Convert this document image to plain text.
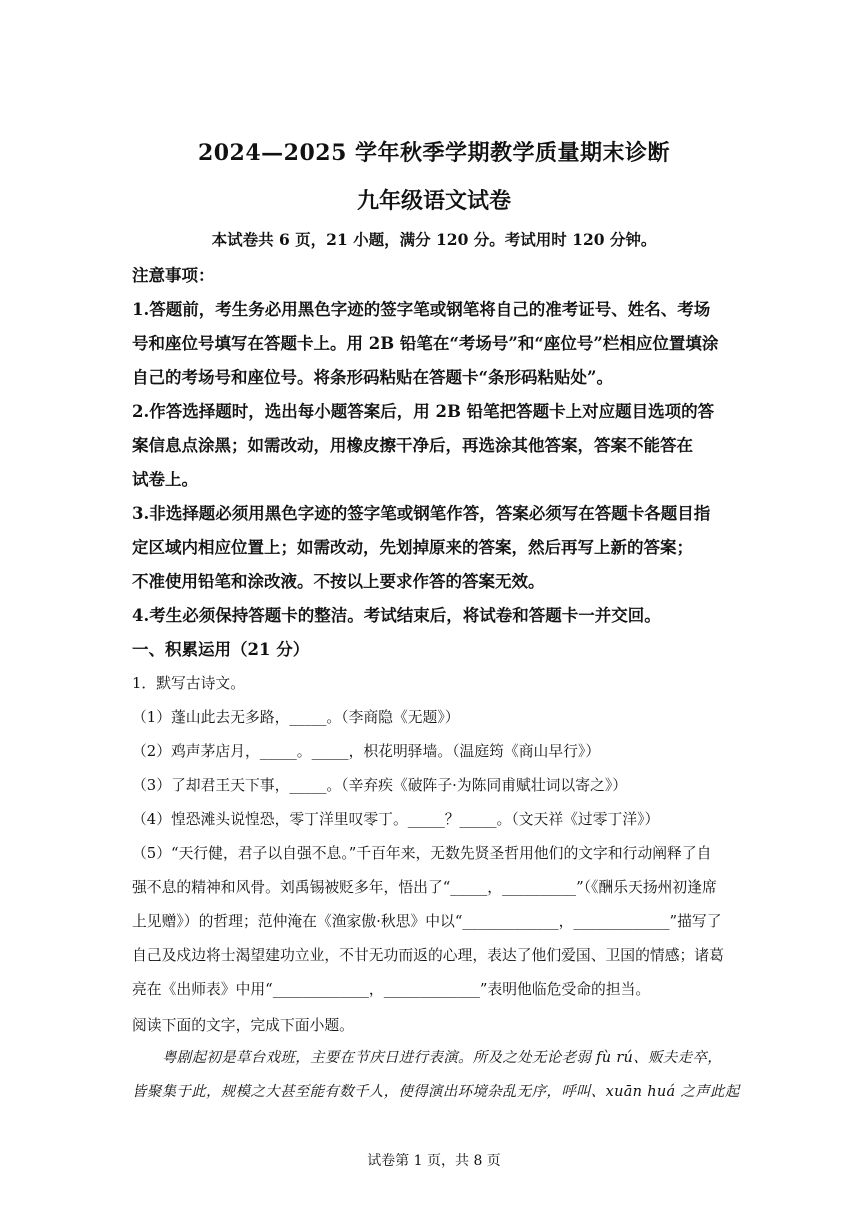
2024—2025 学年秋季学期教学质量期末诊断
九年级语文试卷
本试卷共 6 页，21 小题，满分 120 分。考试用时 120 分钟。
注意事项：
1.答题前，考生务必用黑色字迹的签字笔或钢笔将自己的准考证号、姓名、考场
号和座位号填写在答题卡上。用 2B 铅笔在“考场号”和“座位号”栏相应位置填涂
自己的考场号和座位号。将条形码粘贴在答题卡“条形码粘贴处”。
2.作答选择题时，选出每小题答案后，用 2B 铅笔把答题卡上对应题目选项的答
案信息点涂黑；如需改动，用橡皮擦干净后，再选涂其他答案，答案不能答在
试卷上。
3.非选择题必须用黑色字迹的签字笔或钢笔作答，答案必须写在答题卡各题目指
定区域内相应位置上；如需改动，先划掉原来的答案，然后再写上新的答案；
不准使用铅笔和涂改液。不按以上要求作答的答案无效。
4.考生必须保持答题卡的整洁。考试结束后，将试卷和答题卡一并交回。
一、积累运用（21 分）
1．默写古诗文。
（1）蓬山此去无多路，_____。（李商隐《无题》）
（2）鸡声茅店月，_____。_____，枳花明驿墙。（温庭筠《商山早行》）
（3）了却君王天下事，_____。（辛弃疾《破阵子·为陈同甫赋壮词以寄之》）
（4）惶恐滩头说惶恐，零丁洋里叹零丁。_____？_____。（文天祥《过零丁洋》）
（5）“天行健，君子以自强不息。”千百年来，无数先贤圣哲用他们的文字和行动阐释了自
强不息的精神和风骨。刘禹锡被贬多年，悟出了“_____，__________”（《酬乐天扬州初逢席
上见赠》）的哲理；范仲淹在《渔家傲·秋思》中以“_____________，_____________”描写了
自己及戍边将士渴望建功立业，不甘无功而返的心理，表达了他们爱国、卫国的情感；诸葛
亮在《出师表》中用“_____________，_____________”表明他临危受命的担当。
阅读下面的文字，完成下面小题。
粤剧起初是草台戏班，主要在节庆日进行表演。所及之处无论老弱 fù rú、贩夫走卒，
皆聚集于此，规模之大甚至能有数千人，使得演出环境杂乱无序，呼叫、xuān huá 之声此起
试卷第 1 页，共 8 页
